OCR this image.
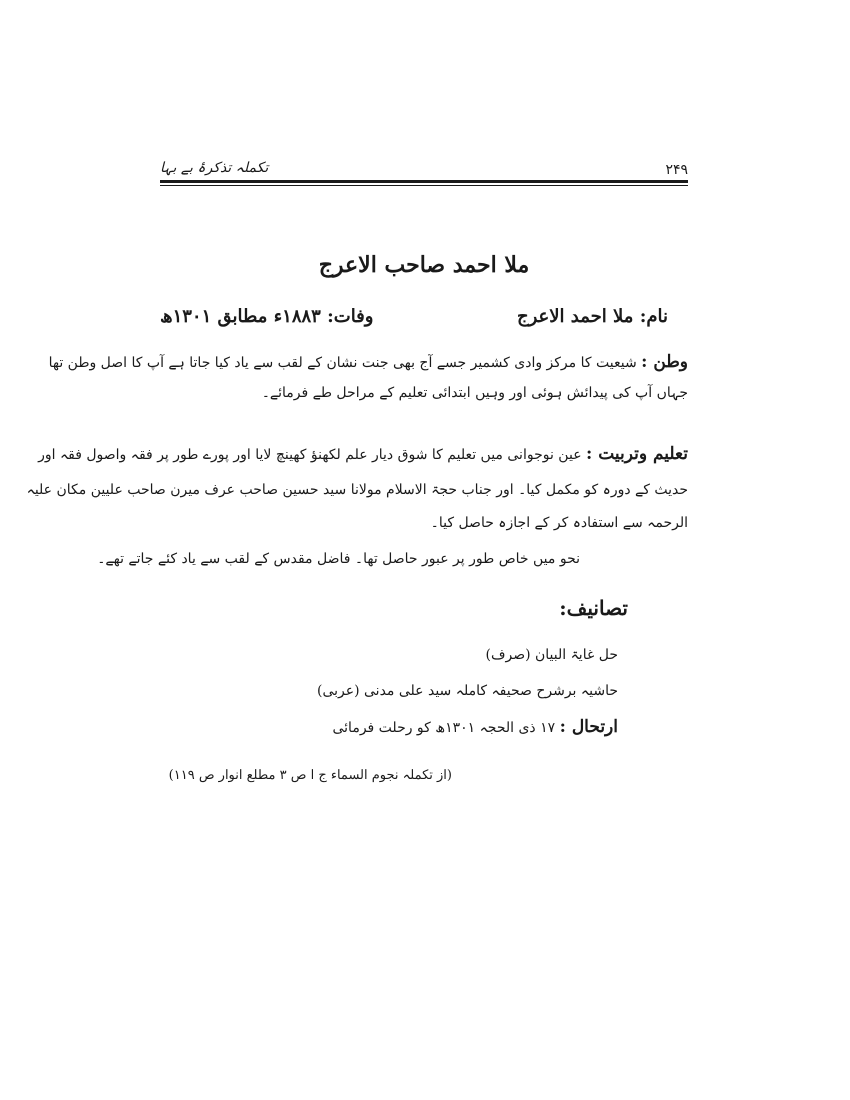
۲۴۹
تکملہ تذکرۂ بے بہا
ملا احمد صاحب الاعرج
نام: ملا احمد الاعرج
وفات: ۱۸۸۳ء مطابق ۱۳۰۱ھ
وطن : شیعیت کا مرکز وادی کشمیر جسے آج بھی جنت نشان کے لقب سے یاد کیا جاتا ہے آپ کا اصل وطن تھا
جہاں آپ کی پیدائش ہوئی اور وہیں ابتدائی تعلیم کے مراحل طے فرمائے۔
تعلیم وتربیت : عین نوجوانی میں تعلیم کا شوق دیار علم لکھنؤ کھینچ لایا اور پورے طور پر فقہ واصول فقہ اور
حدیث کے دورہ کو مکمل کیا۔ اور جناب حجۃ الاسلام مولانا سید حسین صاحب عرف میرن صاحب علیین مکان علیہ
الرحمہ سے استفادہ کر کے اجازہ حاصل کیا۔
نحو میں خاص طور پر عبور حاصل تھا۔ فاضل مقدس کے لقب سے یاد کئے جاتے تھے۔
تصانیف:
حل غایۃ البیان (صرف)
حاشیہ برشرح صحیفہ کاملہ سید علی مدنی (عربی)
ارتحال : ۱۷ ذی الحجہ ۱۳۰۱ھ کو رحلت فرمائی
(از تکملہ نجوم السماء ج ا ص ۳ مطلع انوار ص ۱۱۹)
